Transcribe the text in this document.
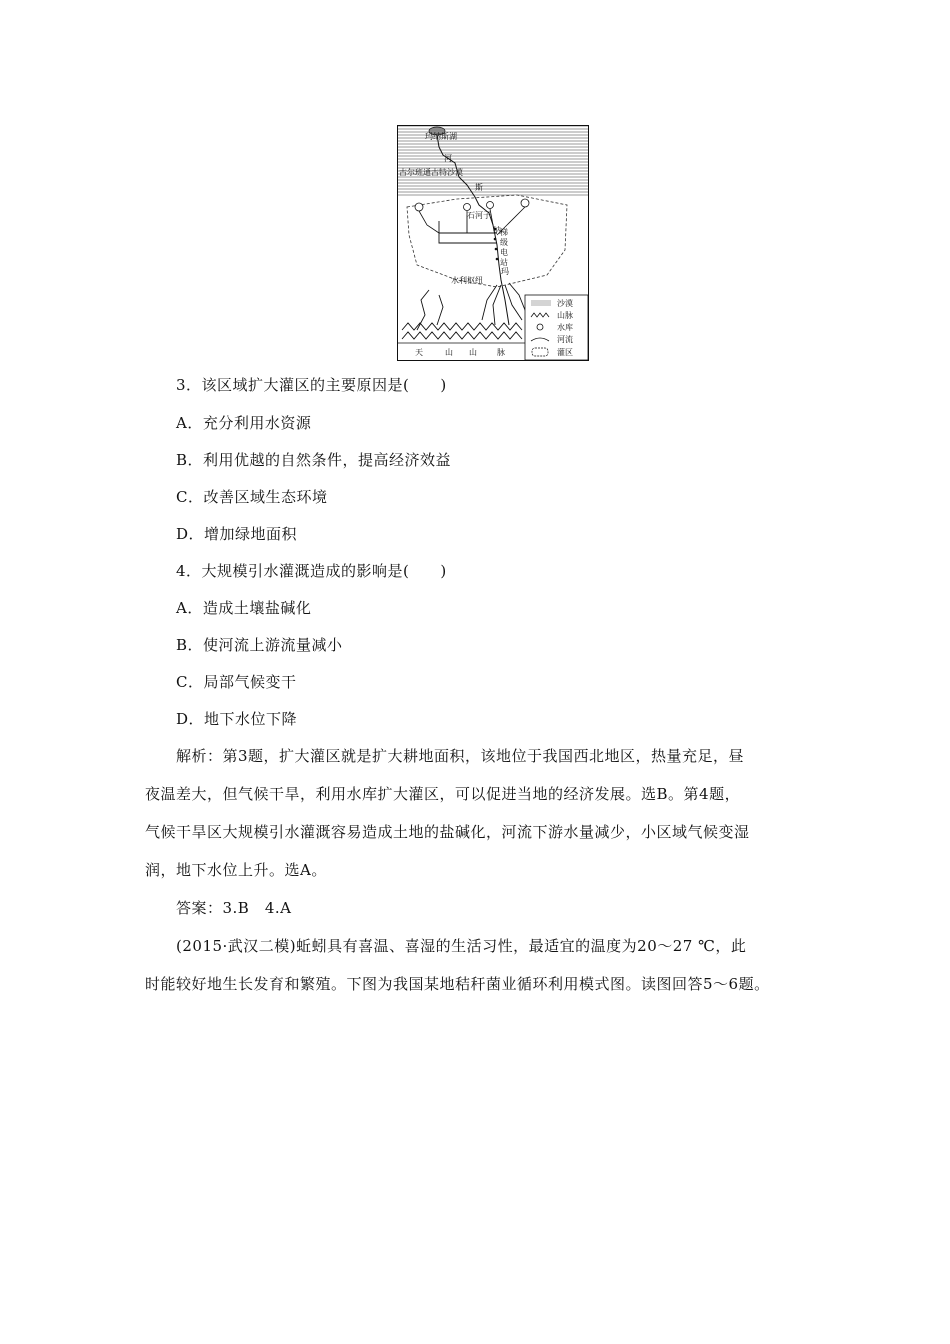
玛纳斯湖
河
古尔班通古特沙漠
斯
石河子
纳 梯
级
电
站
玛
水利枢纽
天	山 山	脉
沙漠
山脉
水库
河流
灌区
3．该区域扩大灌区的主要原因是(　　)
A．充分利用水资源
B．利用优越的自然条件，提高经济效益
C．改善区域生态环境
D．增加绿地面积
4．大规模引水灌溉造成的影响是(　　)
A．造成土壤盐碱化
B．使河流上游流量减小
C．局部气候变干
D．地下水位下降
解析：第3题，扩大灌区就是扩大耕地面积，该地位于我国西北地区，热量充足，昼
夜温差大，但气候干旱，利用水库扩大灌区，可以促进当地的经济发展。选B。第4题，
气候干旱区大规模引水灌溉容易造成土地的盐碱化，河流下游水量减少，小区域气候变湿
润，地下水位上升。选A。
答案：3.B　4.A
(2015·武汉二模)蚯蚓具有喜温、喜湿的生活习性，最适宜的温度为20～27 ℃，此
时能较好地生长发育和繁殖。下图为我国某地秸秆菌业循环利用模式图。读图回答5～6题。
